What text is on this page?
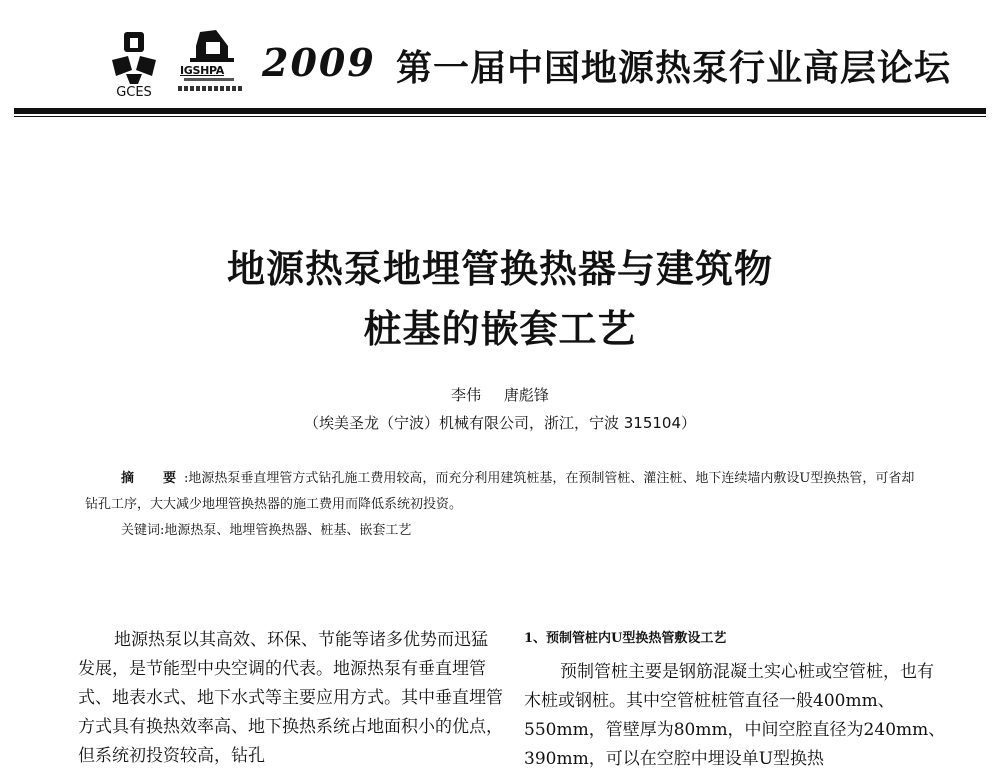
GCES
IGSHPA 2009 第一届中国地源热泵行业高层论坛
地源热泵地埋管换热器与建筑物
桩基的嵌套工艺
李伟 唐彪锋
（埃美圣龙（宁波）机械有限公司，浙江，宁波 315104）

摘　要:地源热泵垂直埋管方式钻孔施工费用较高，而充分利用建筑桩基，在预制管桩、灌注桩、地下连续墙内敷设U型换热管，可省却钻孔工序，大大减少地埋管换热器的施工费用而降低系统初投资。

关键词:地源热泵、地埋管换热器、桩基、嵌套工艺

地源热泵以其高效、环保、节能等诸多优势而迅猛发展，是节能型中央空调的代表。地源热泵有垂直埋管式、地表水式、地下水式等主要应用方式。其中垂直埋管方式具有换热效率高、地下换热系统占地面积小的优点，但系统初投资较高，钻孔

1、预制管桩内U型换热管敷设工艺

预制管桩主要是钢筋混凝土实心桩或空管桩，也有木桩或钢桩。其中空管桩桩管直径一般400mm、550mm，管壁厚为80mm，中间空腔直径为240mm、390mm，可以在空腔中埋设单U型换热
